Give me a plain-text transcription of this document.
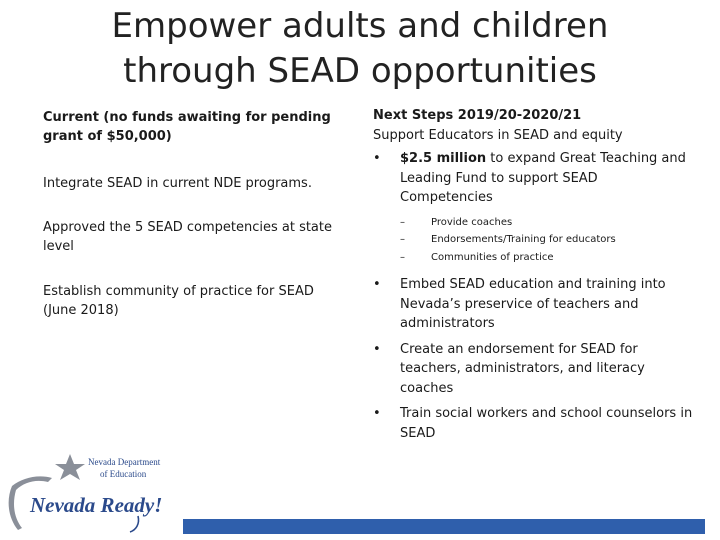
Empower adults and children
through SEAD opportunities
Current (no funds awaiting for pending grant of $50,000)
Integrate SEAD in current NDE programs.
Approved the 5 SEAD competencies at state level
Establish community of practice for SEAD (June 2018)
Next Steps 2019/20-2020/21
Support Educators in SEAD and equity
• $2.5 million to expand Great Teaching and Leading Fund to support SEAD Competencies
–	Provide coaches
–	Endorsements/Training for educators
–	Communities of practice
• Embed SEAD education and training into Nevada’s preservice of teachers and administrators
• Create an endorsement for SEAD for teachers, administrators, and literacy coaches
• Train social workers and school counselors in SEAD
Nevada Department
of Education
Nevada Ready!
